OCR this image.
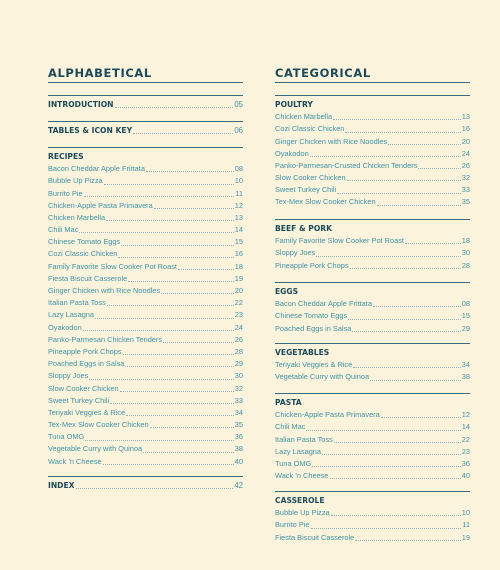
ALPHABETICAL
INTRODUCTION	05
TABLES & ICON KEY	06
RECIPES
Bacon Cheddar Apple Frittata	08
Bubble Up Pizza	10
Burrito Pie	11
Chicken-Apple Pasta Primavera	12
Chicken Marbella	13
Chili Mac	14
Chinese Tomato Eggs	15
Cozi Classic Chicken	16
Family Favorite Slow Cooker Pot Roast	18
Fiesta Biscuit Casserole	19
Ginger Chicken with Rice Noodles	20
Italian Pasta Toss	22
Lazy Lasagna	23
Oyakodon	24
Panko-Parmesan Chicken Tenders	26
Pineapple Pork Chops	28
Poached Eggs in Salsa	29
Sloppy Joes	30
Slow Cooker Chicken	32
Sweet Turkey Chili	33
Teriyaki Veggies & Rice	34
Tex-Mex Slow Cooker Chicken	35
Tuna OMG	36
Vegetable Curry with Quinoa	38
Wack ’n Cheese	40
INDEX	42
CATEGORICAL
POULTRY
Chicken Marbella	13
Cozi Classic Chicken	16
Ginger Chicken with Rice Noodles	20
Oyakodon	24
Panko-Parmesan-Crusted Chicken Tenders	26
Slow Cooker Chicken	32
Sweet Turkey Chili	33
Tex-Mex Slow Cooker Chicken	35
BEEF & PORK
Family Favorite Slow Cooker Pot Roast	18
Sloppy Joes	30
Pineapple Pork Chops	28
EGGS
Bacon Cheddar Apple Frittata	08
Chinese Tomato Eggs	15
Poached Eggs in Salsa	29
VEGETABLES
Teriyaki Veggies & Rice	34
Vegetable Curry with Quinoa	38
PASTA
Chicken-Apple Pasta Primavera	12
Chili Mac	14
Italian Pasta Toss	22
Lazy Lasagna	23
Tuna OMG	36
Wack ’n Cheese	40
CASSEROLE
Bubble Up Pizza	10
Burrito Pie	11
Fiesta Biscuit Casserole	19
